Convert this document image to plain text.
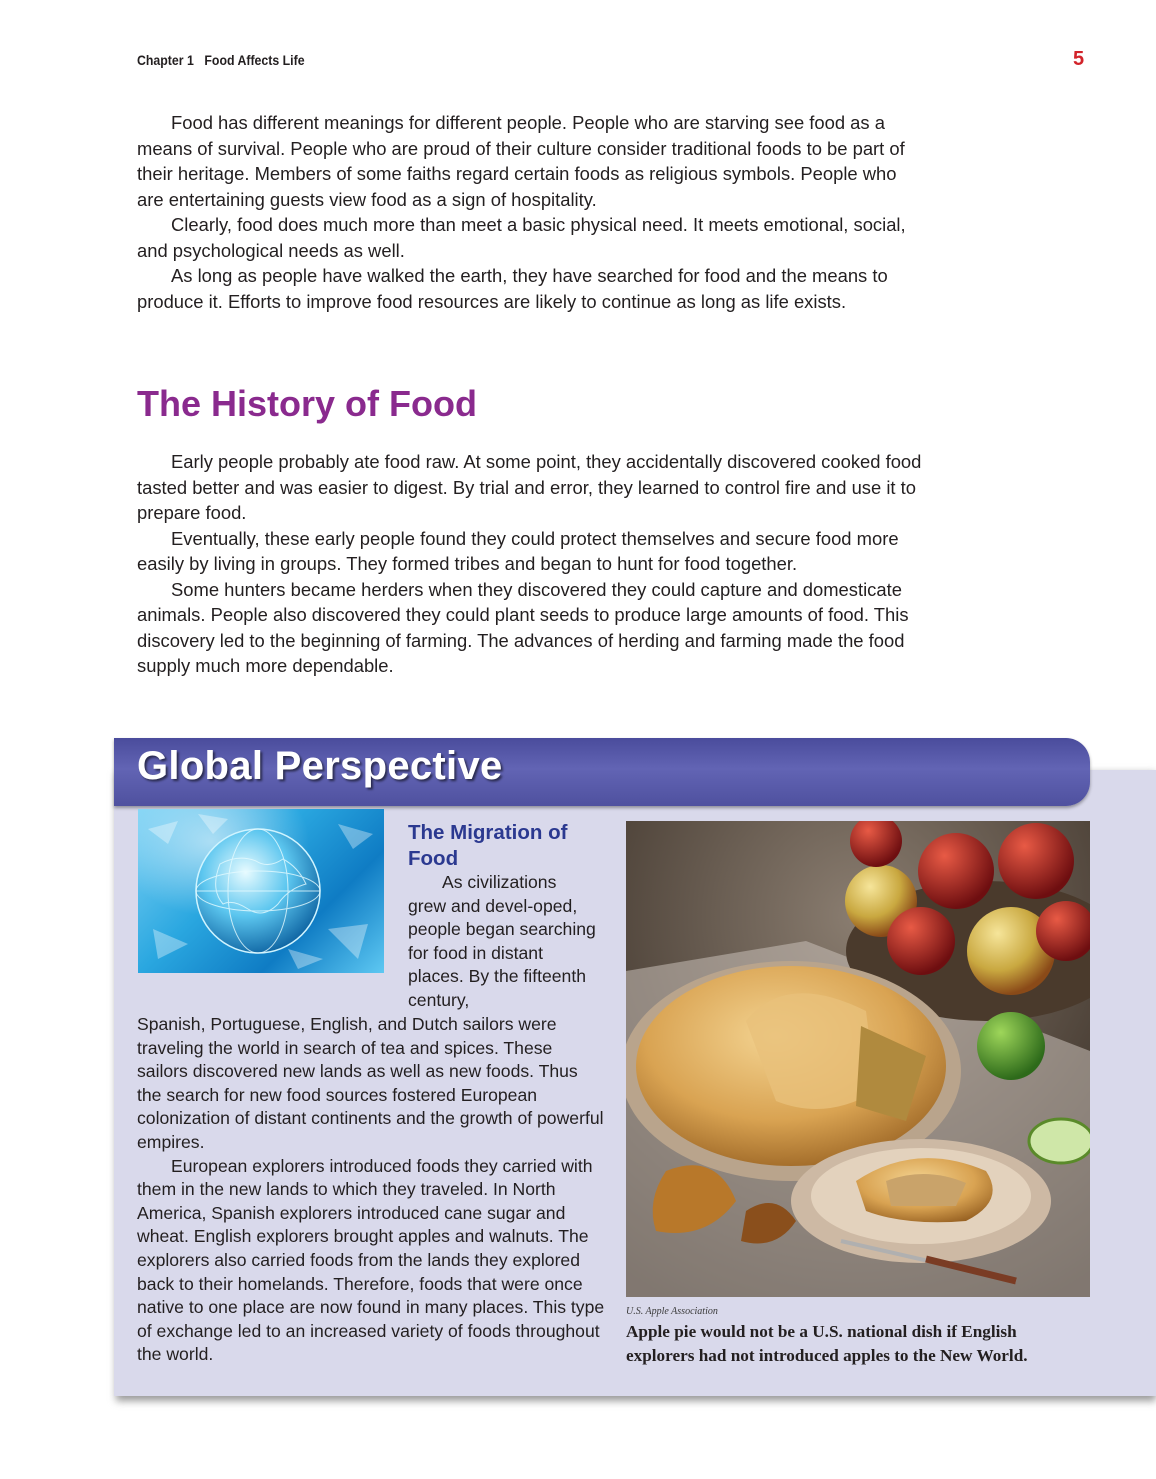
Chapter 1 Food Affects Life	5

Food has different meanings for different people. People who are starving see food as a means of survival. People who are proud of their culture consider traditional foods to be part of their heritage. Members of some faiths regard certain foods as religious symbols. People who are entertaining guests view food as a sign of hospitality.

Clearly, food does much more than meet a basic physical need. It meets emotional, social, and psychological needs as well.

As long as people have walked the earth, they have searched for food and the means to produce it. Efforts to improve food resources are likely to continue as long as life exists.

The History of Food

Early people probably ate food raw. At some point, they accidentally discovered cooked food tasted better and was easier to digest. By trial and error, they learned to control fire and use it to prepare food.

Eventually, these early people found they could protect themselves and secure food more easily by living in groups. They formed tribes and began to hunt for food together.

Some hunters became herders when they discovered they could capture and domesticate animals. People also discovered they could plant seeds to produce large amounts of food. This discovery led to the beginning of farming. The advances of herding and farming made the food supply much more dependable.

Global Perspective
The Migration of Food

As civilizations grew and devel-oped, people began searching for food in distant places. By the fifteenth century,

Spanish, Portuguese, English, and Dutch sailors were traveling the world in search of tea and spices. These sailors discovered new lands as well as new foods. Thus the search for new food sources fostered European colonization of distant continents and the growth of powerful empires.

European explorers introduced foods they carried with them in the new lands to which they traveled. In North America, Spanish explorers introduced cane sugar and wheat. English explorers brought apples and walnuts. The explorers also carried foods from the lands they explored back to their homelands. Therefore, foods that were once native to one place are now found in many places. This type of exchange led to an increased variety of foods throughout the world.

U.S. Apple Association

Apple pie would not be a U.S. national dish if English explorers had not introduced apples to the New World.
